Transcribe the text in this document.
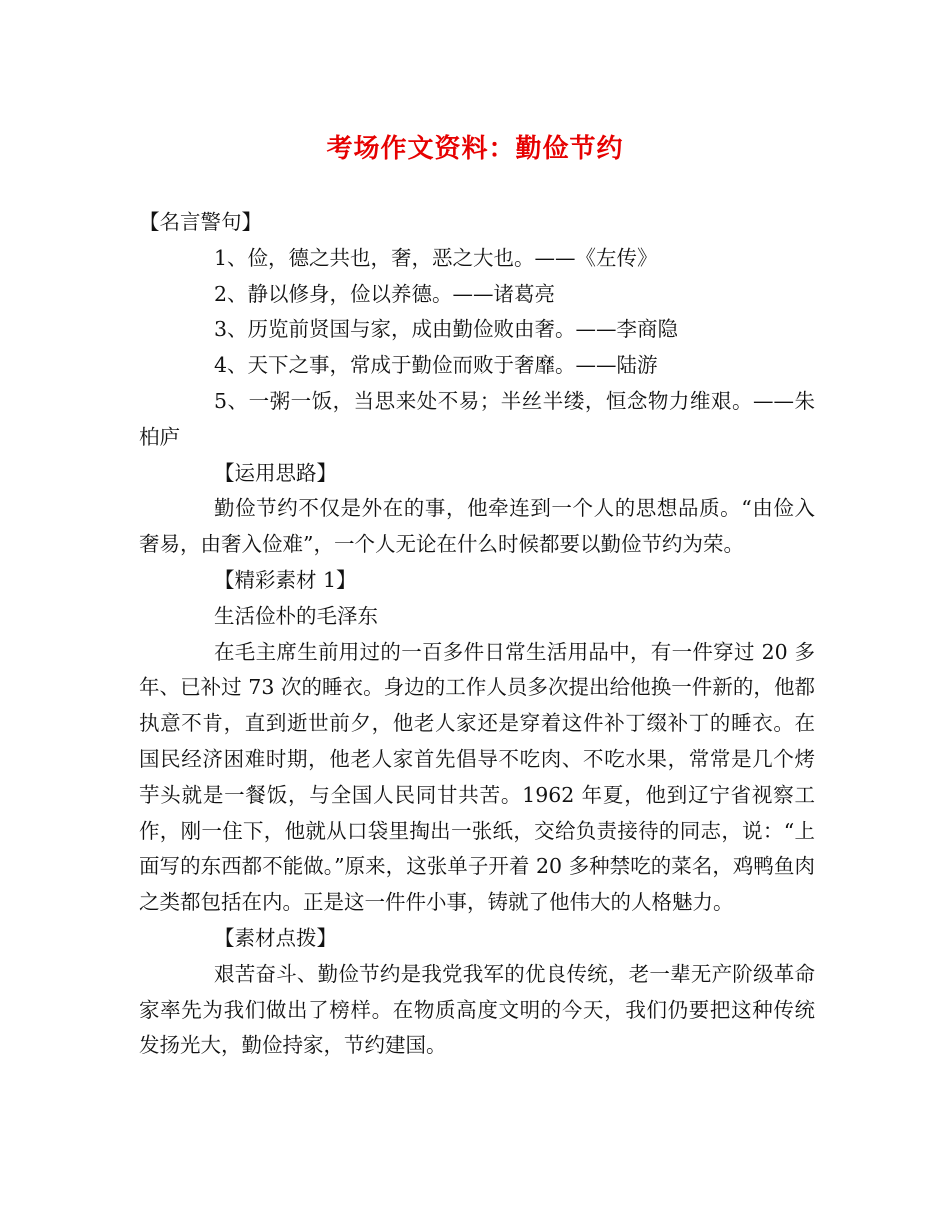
考场作文资料：勤俭节约

【名言警句】

1、俭，德之共也，奢，恶之大也。——《左传》

2、静以修身，俭以养德。——诸葛亮

3、历览前贤国与家，成由勤俭败由奢。——李商隐

4、天下之事，常成于勤俭而败于奢靡。——陆游

5、一粥一饭，当思来处不易；半丝半缕，恒念物力维艰。——朱柏庐

【运用思路】

勤俭节约不仅是外在的事，他牵连到一个人的思想品质。“由俭入奢易，由奢入俭难”，一个人无论在什么时候都要以勤俭节约为荣。

【精彩素材 1】

生活俭朴的毛泽东

在毛主席生前用过的一百多件日常生活用品中，有一件穿过 20 多年、已补过 73 次的睡衣。身边的工作人员多次提出给他换一件新的，他都执意不肯，直到逝世前夕，他老人家还是穿着这件补丁缀补丁的睡衣。在国民经济困难时期，他老人家首先倡导不吃肉、不吃水果，常常是几个烤芋头就是一餐饭，与全国人民同甘共苦。1962 年夏，他到辽宁省视察工作，刚一住下，他就从口袋里掏出一张纸，交给负责接待的同志，说：“上面写的东西都不能做。”原来，这张单子开着 20 多种禁吃的菜名，鸡鸭鱼肉之类都包括在内。正是这一件件小事，铸就了他伟大的人格魅力。

【素材点拨】

艰苦奋斗、勤俭节约是我党我军的优良传统，老一辈无产阶级革命家率先为我们做出了榜样。在物质高度文明的今天，我们仍要把这种传统发扬光大，勤俭持家，节约建国。
